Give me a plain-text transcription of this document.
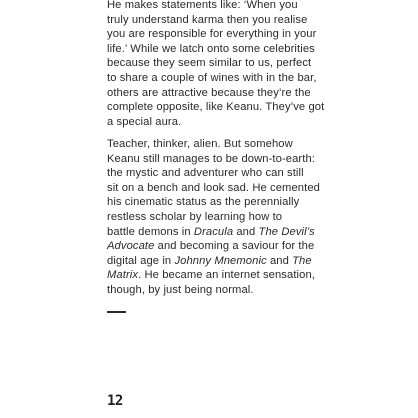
He makes statements like: ‘When you
truly understand karma then you realise
you are responsible for everything in your
life.’ While we latch onto some celebrities
because they seem similar to us, perfect
to share a couple of wines with in the bar,
others are attractive because they’re the
complete opposite, like Keanu. They’ve got
a special aura.
Teacher, thinker, alien. But somehow
Keanu still manages to be down-to-earth:
the mystic and adventurer who can still
sit on a bench and look sad. He cemented
his cinematic status as the perennially
restless scholar by learning how to
battle demons in Dracula and The Devil’s
Advocate and becoming a saviour for the
digital age in Johnny Mnemonic and The
Matrix. He became an internet sensation,
though, by just being normal.
12
